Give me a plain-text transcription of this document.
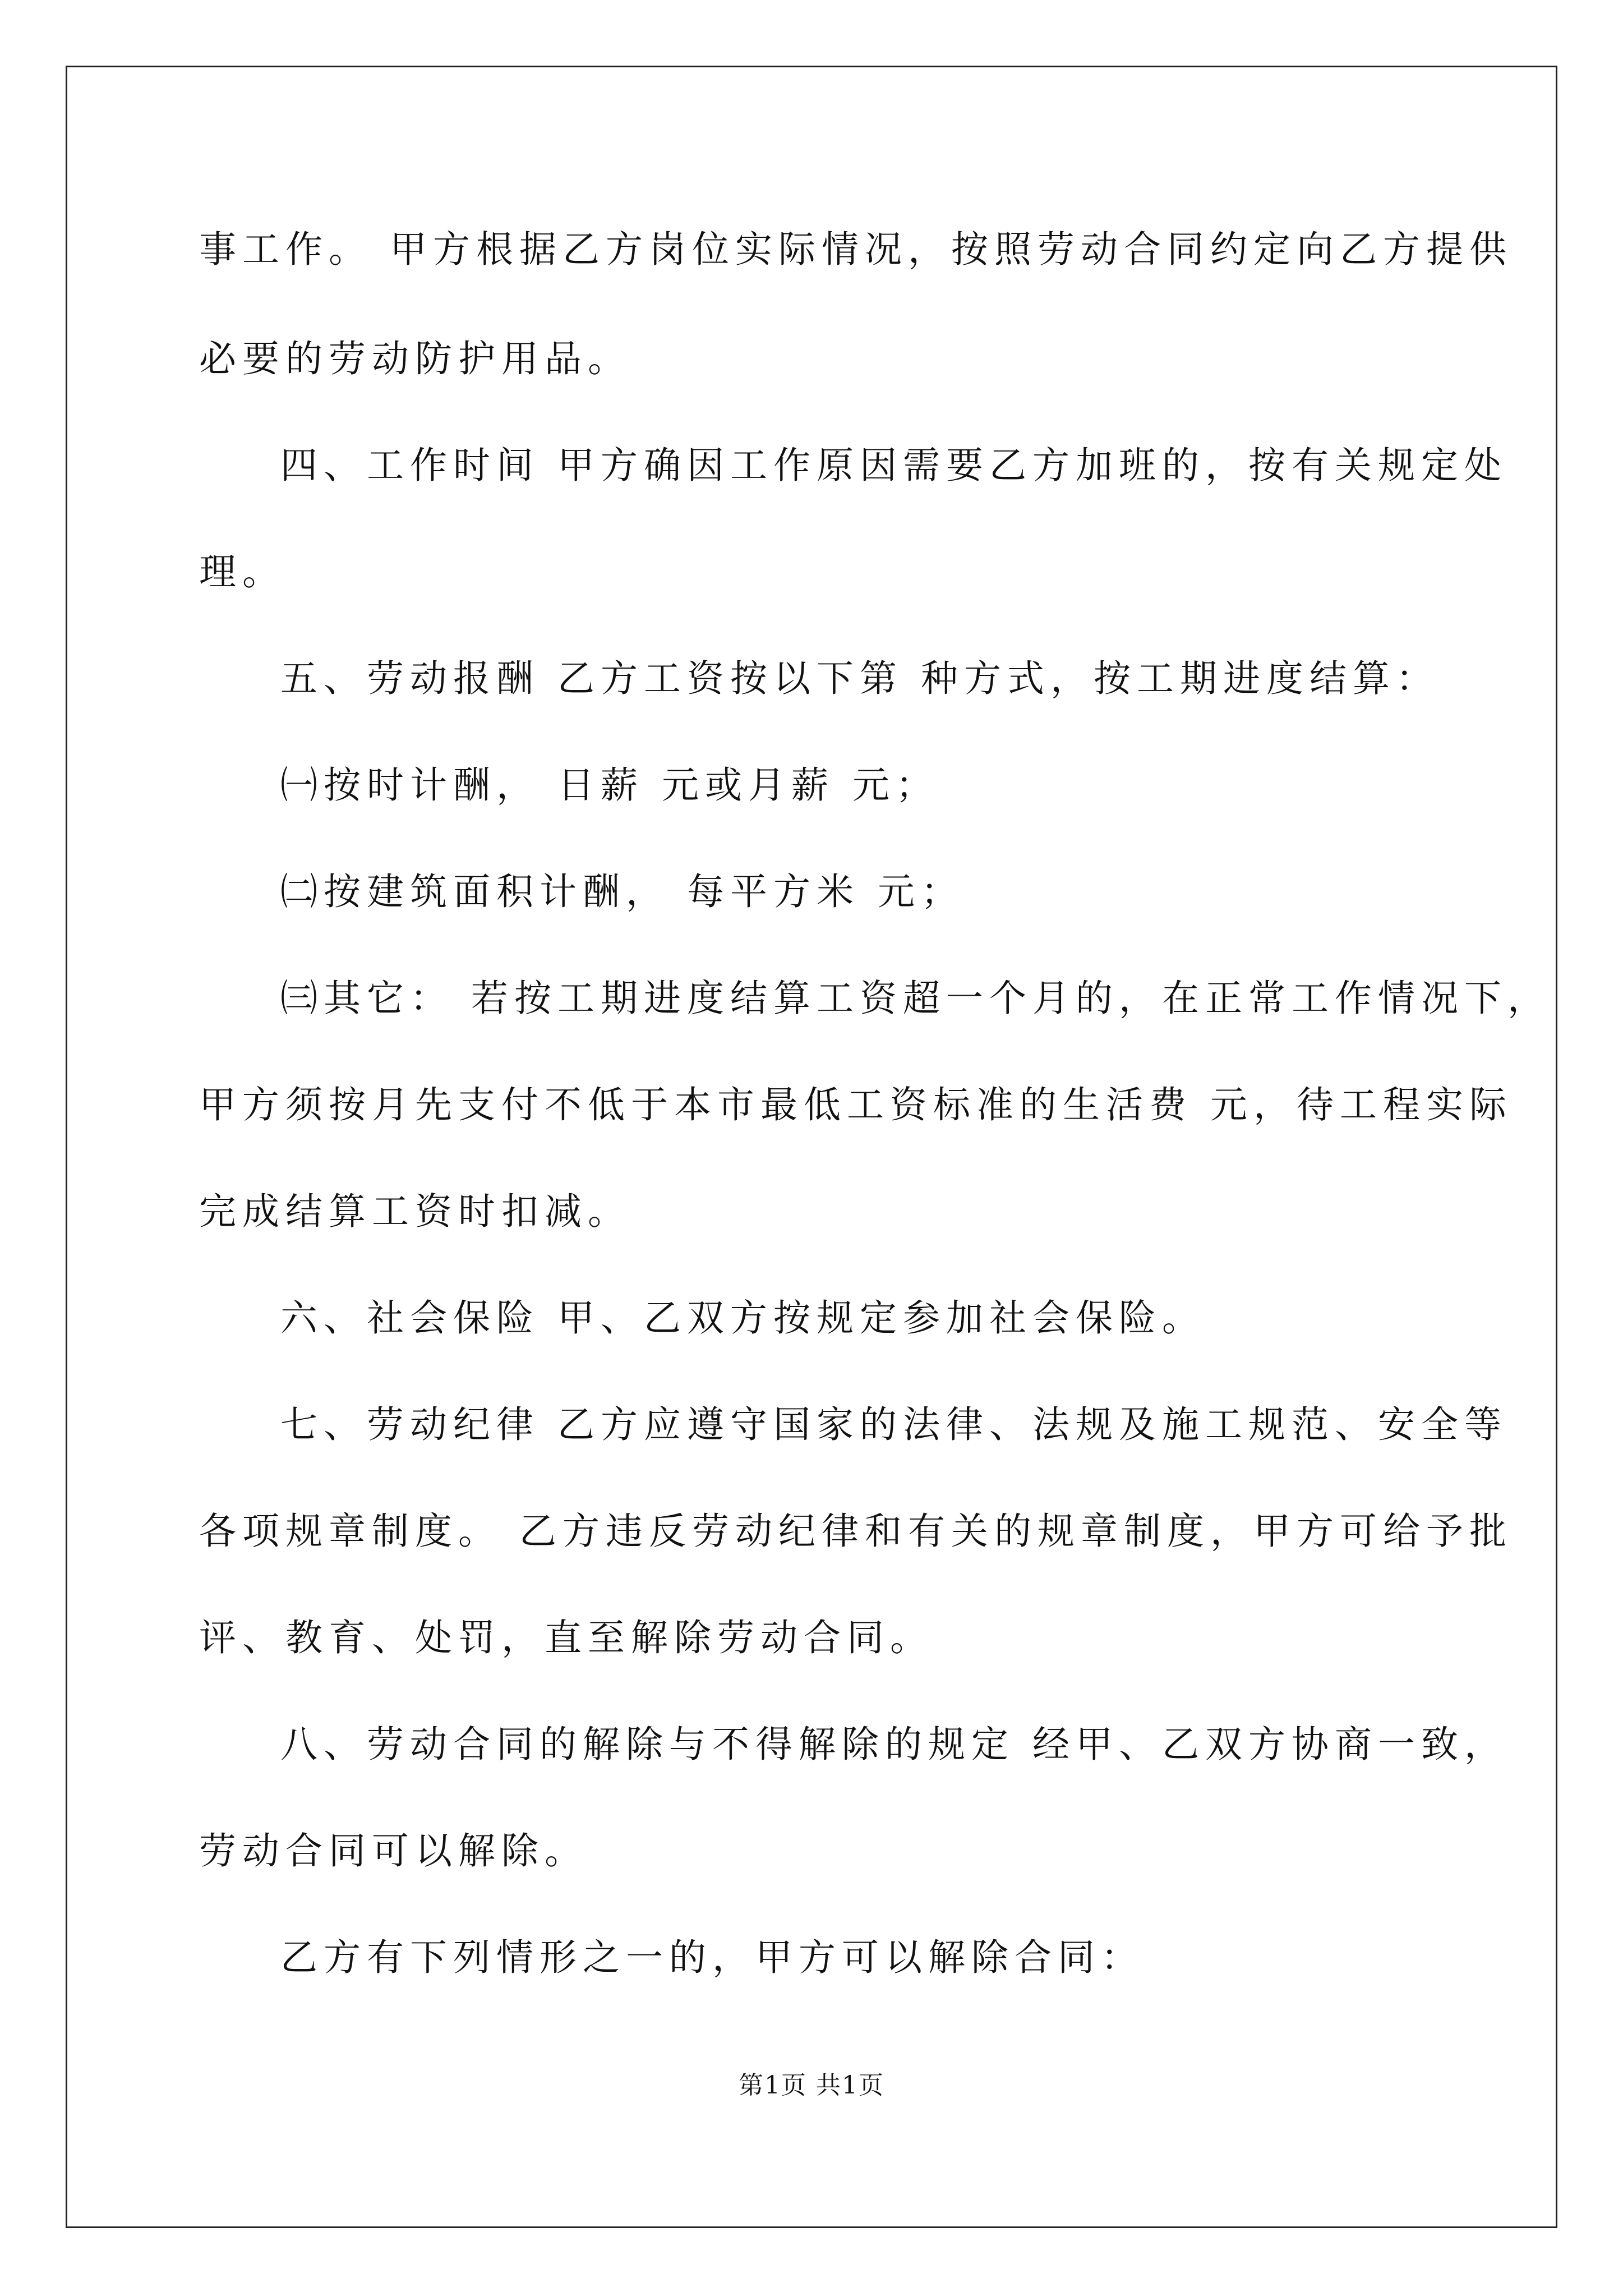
事工作。 甲方根据乙方岗位实际情况，按照劳动合同约定向乙方提供
必要的劳动防护用品。
四、工作时间 甲方确因工作原因需要乙方加班的，按有关规定处
理。
五、劳动报酬 乙方工资按以下第 种方式，按工期进度结算：
㈠按时计酬， 日薪 元或月薪 元；
㈡按建筑面积计酬， 每平方米 元；
㈢其它： 若按工期进度结算工资超一个月的，在正常工作情况下，
甲方须按月先支付不低于本市最低工资标准的生活费 元，待工程实际
完成结算工资时扣减。
六、社会保险 甲、乙双方按规定参加社会保险。
七、劳动纪律 乙方应遵守国家的法律、法规及施工规范、安全等
各项规章制度。 乙方违反劳动纪律和有关的规章制度，甲方可给予批
评、教育、处罚，直至解除劳动合同。
八、劳动合同的解除与不得解除的规定 经甲、乙双方协商一致，
劳动合同可以解除。
乙方有下列情形之一的，甲方可以解除合同：
第1页 共1页
